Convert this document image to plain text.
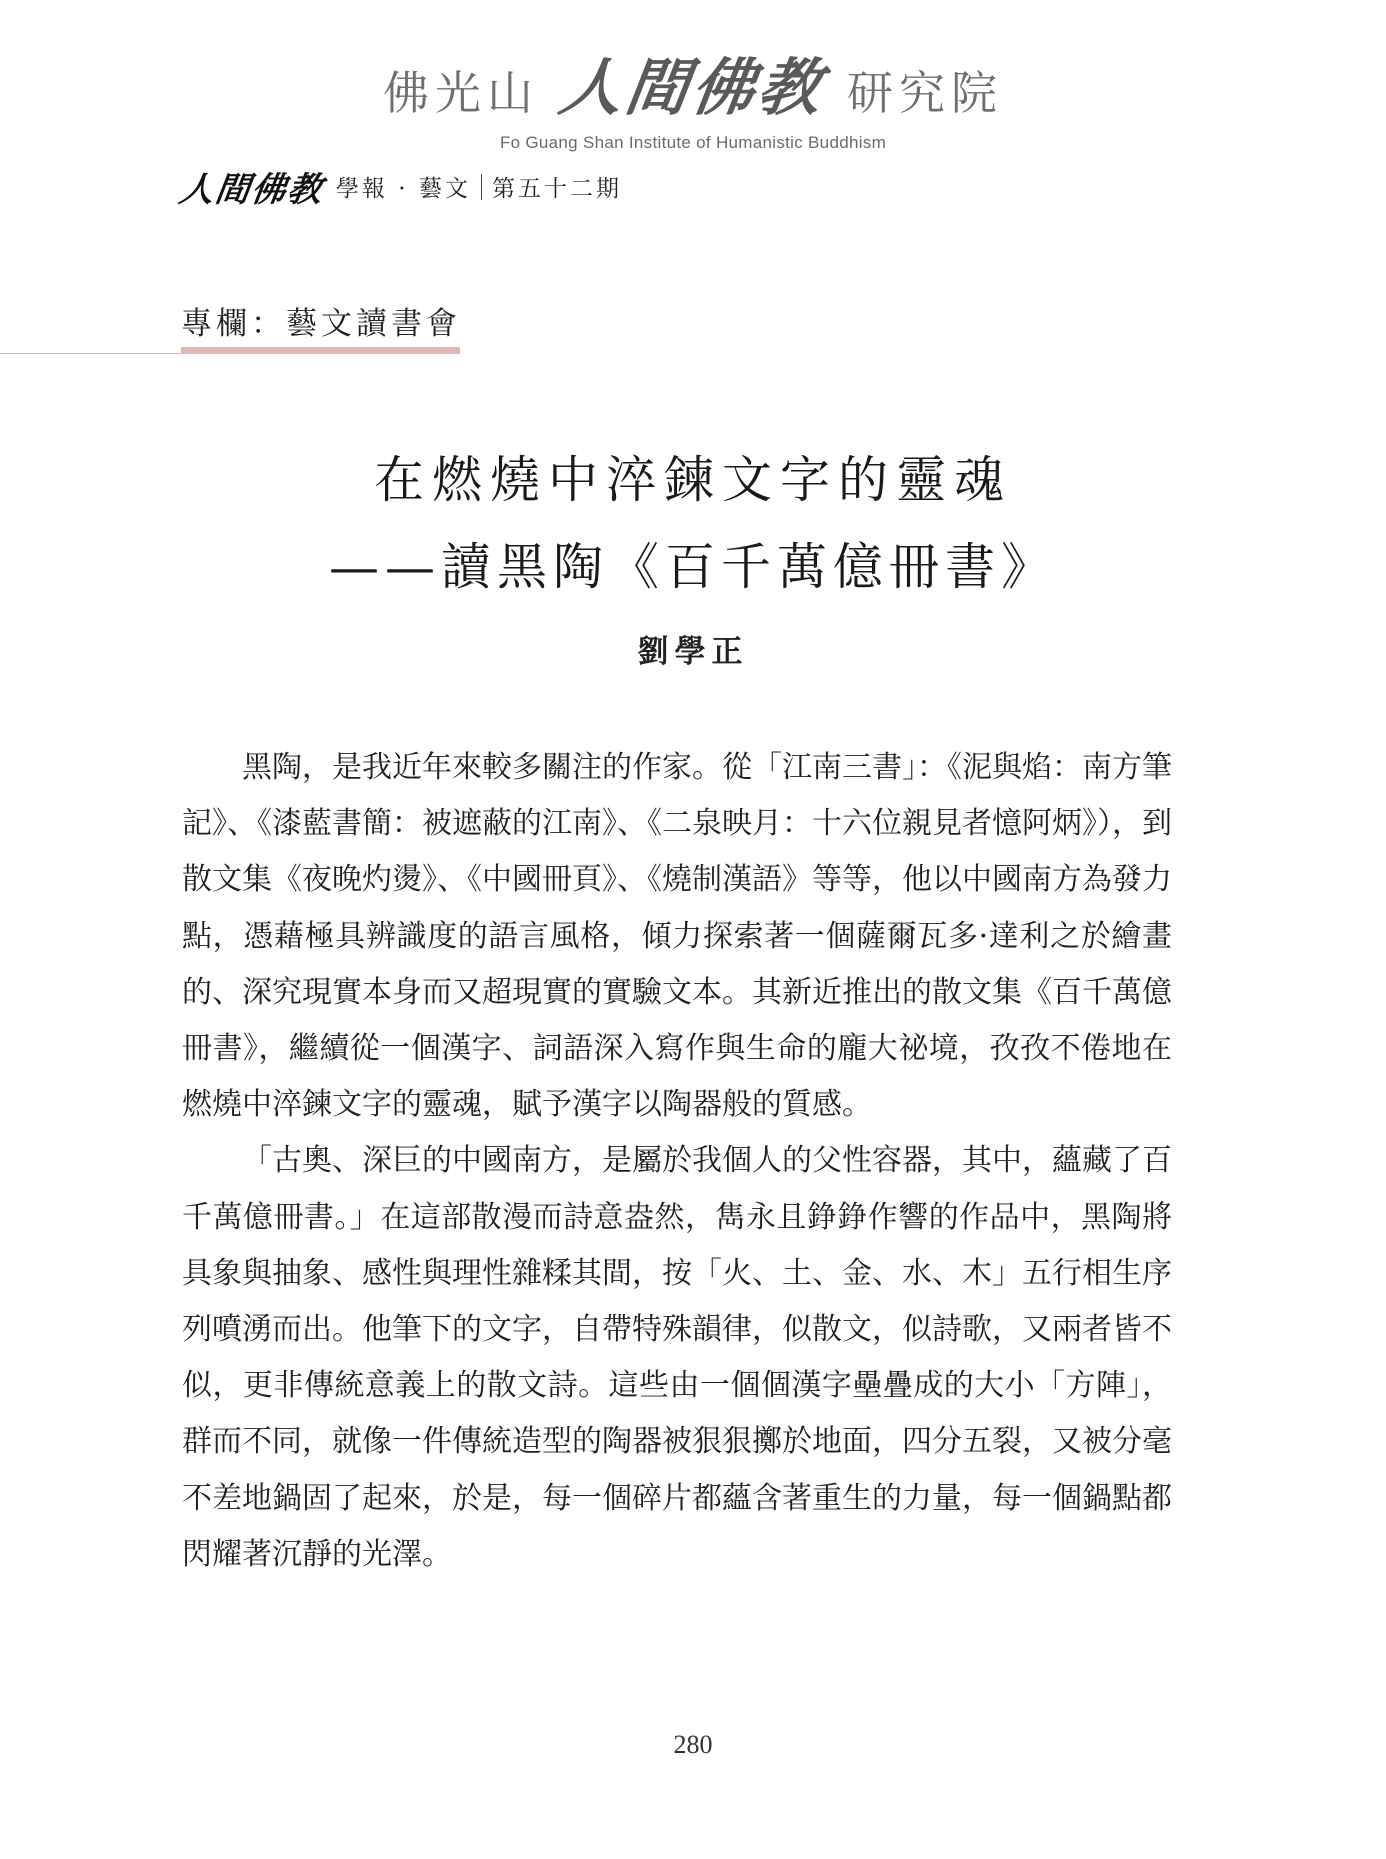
佛光山 人間佛教 研究院
Fo Guang Shan Institute of Humanistic Buddhism
人間佛教 學報 · 藝文 第五十二期
專欄：藝文讀書會
在燃燒中淬鍊文字的靈魂
——讀黑陶《百千萬億冊書》
劉學正

黑陶，是我近年來較多關注的作家。從「江南三書」：《泥與焰：南方筆記》、《漆藍書簡：被遮蔽的江南》、《二泉映月：十六位親見者憶阿炳》），到散文集《夜晚灼燙》、《中國冊頁》、《燒制漢語》等等，他以中國南方為發力點，憑藉極具辨識度的語言風格，傾力探索著一個薩爾瓦多·達利之於繪畫的、深究現實本身而又超現實的實驗文本。其新近推出的散文集《百千萬億冊書》，繼續從一個漢字、詞語深入寫作與生命的龐大祕境，孜孜不倦地在燃燒中淬鍊文字的靈魂，賦予漢字以陶器般的質感。

「古奧、深巨的中國南方，是屬於我個人的父性容器，其中，蘊藏了百千萬億冊書。」在這部散漫而詩意盎然，雋永且錚錚作響的作品中，黑陶將具象與抽象、感性與理性雜糅其間，按「火、土、金、水、木」五行相生序列噴湧而出。他筆下的文字，自帶特殊韻律，似散文，似詩歌，又兩者皆不似，更非傳統意義上的散文詩。這些由一個個漢字壘疊成的大小「方陣」，群而不同，就像一件傳統造型的陶器被狠狠擲於地面，四分五裂，又被分毫不差地鍋固了起來，於是，每一個碎片都蘊含著重生的力量，每一個鍋點都閃耀著沉靜的光澤。

280
